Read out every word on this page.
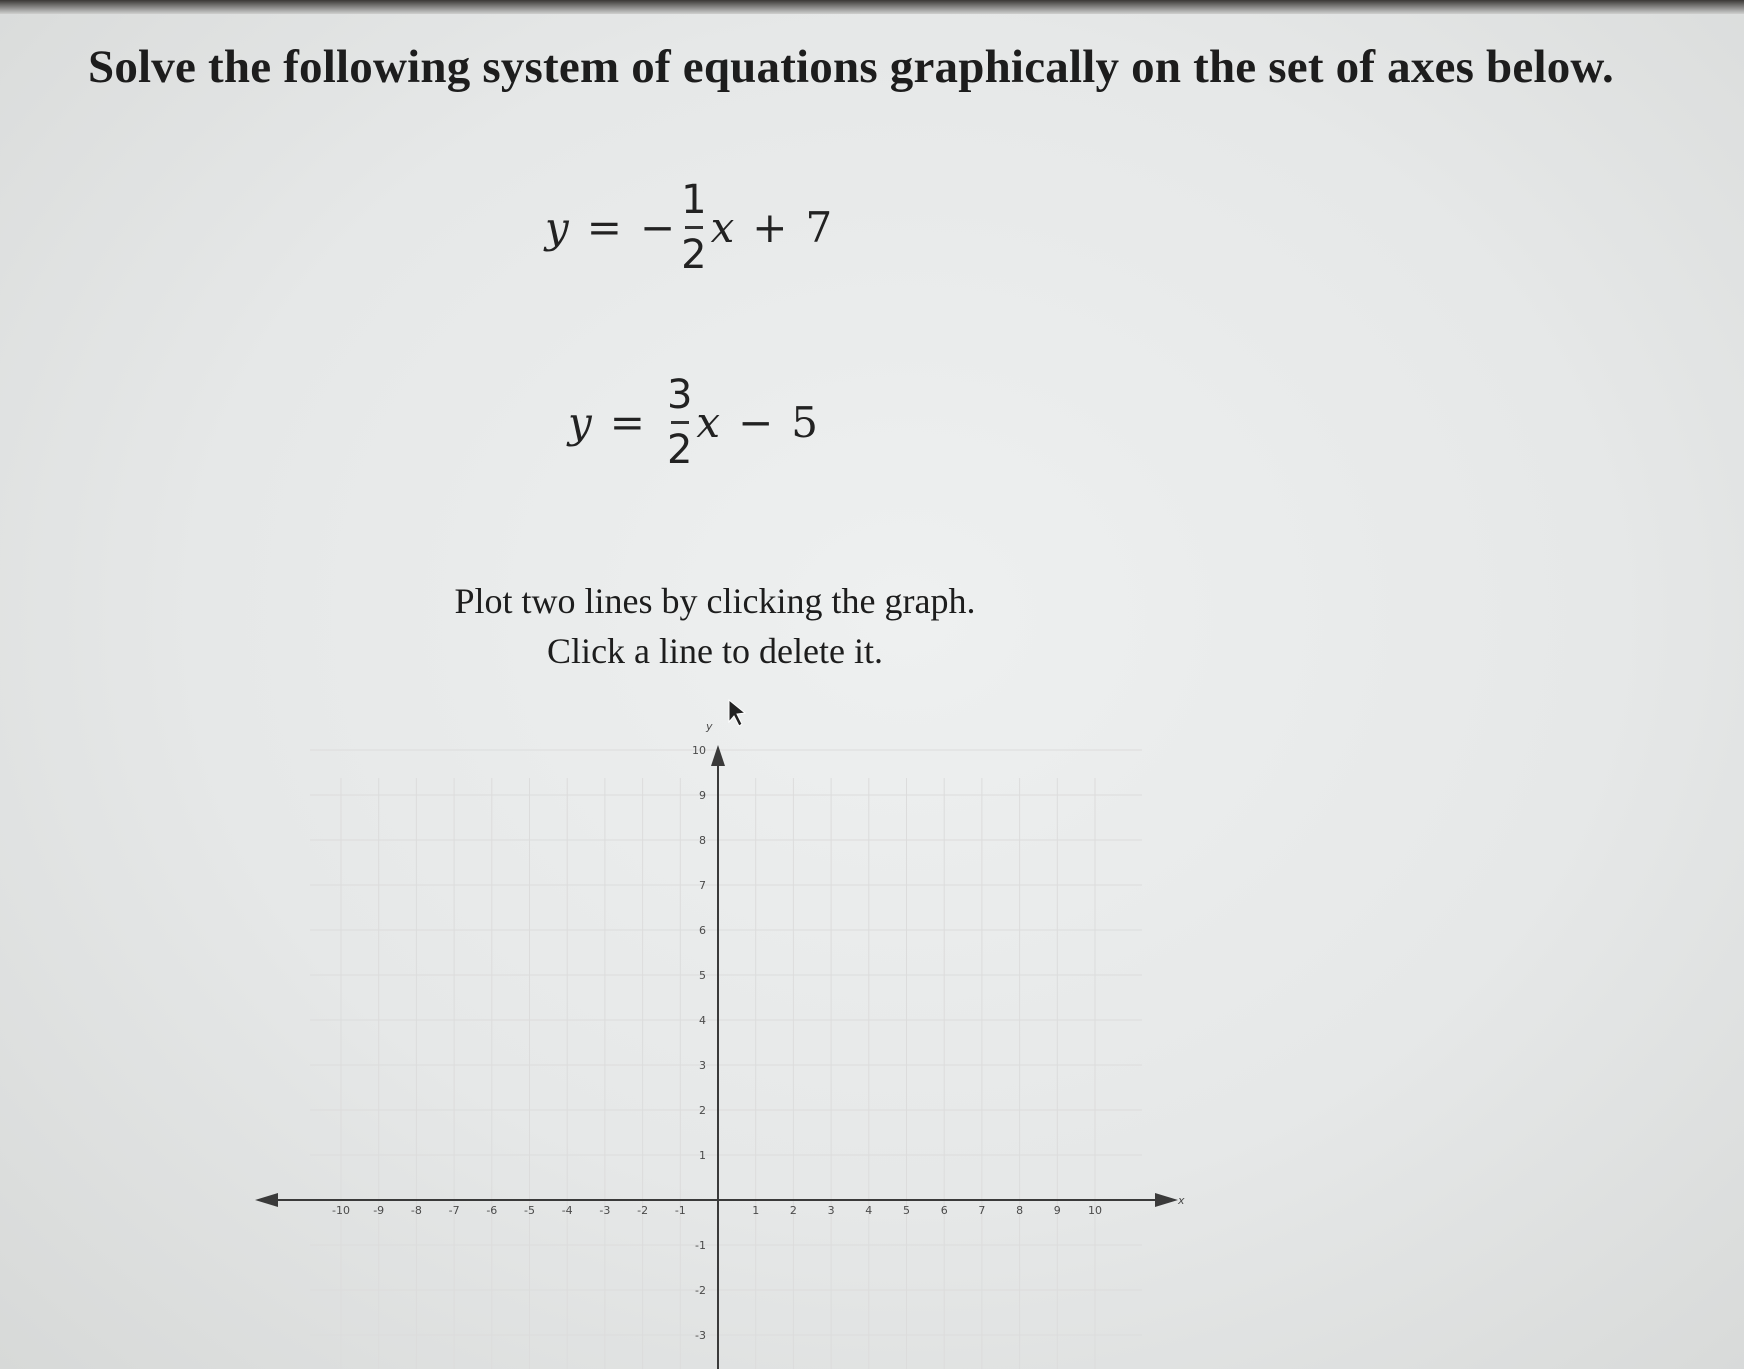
Solve the following system of equations graphically on the set of axes below.
y = − $\frac{1}{2}$ x + 7
$y = \frac{3}{2}$ x − 5
Plot two lines by clicking the graph.
Click a line to delete it.
x
y
-10 -9 -8 -7 -6 -5 -4 -3 -2 -1	1	2	3	4	5	6	7	8	9 10
1
2
3
4
5
6
7
8
9
10
-1
-2
-3
